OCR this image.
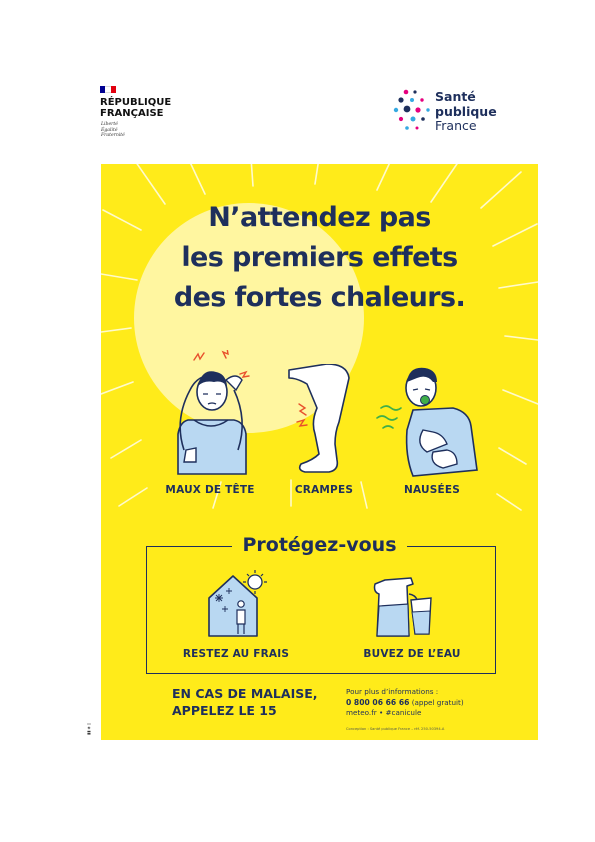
RÉPUBLIQUE
FRANÇAISE
Liberté
Égalité
Fraternité
Santé
publique
France
N’attendez pas
les premiers effets
des fortes chaleurs.
MAUX DE TÊTE	CRAMPES	NAUSÉES
Protégez-vous
RESTEZ AU FRAIS	BUVEZ DE L’EAU
EN CAS DE MALAISE,
APPELEZ LE 15
Pour plus d’informations :
0 800 06 66 66 (appel gratuit)
meteo.fr • #canicule
Conception : Santé publique France – réf. 250-50394-A
▮▮ ◈ ▯
